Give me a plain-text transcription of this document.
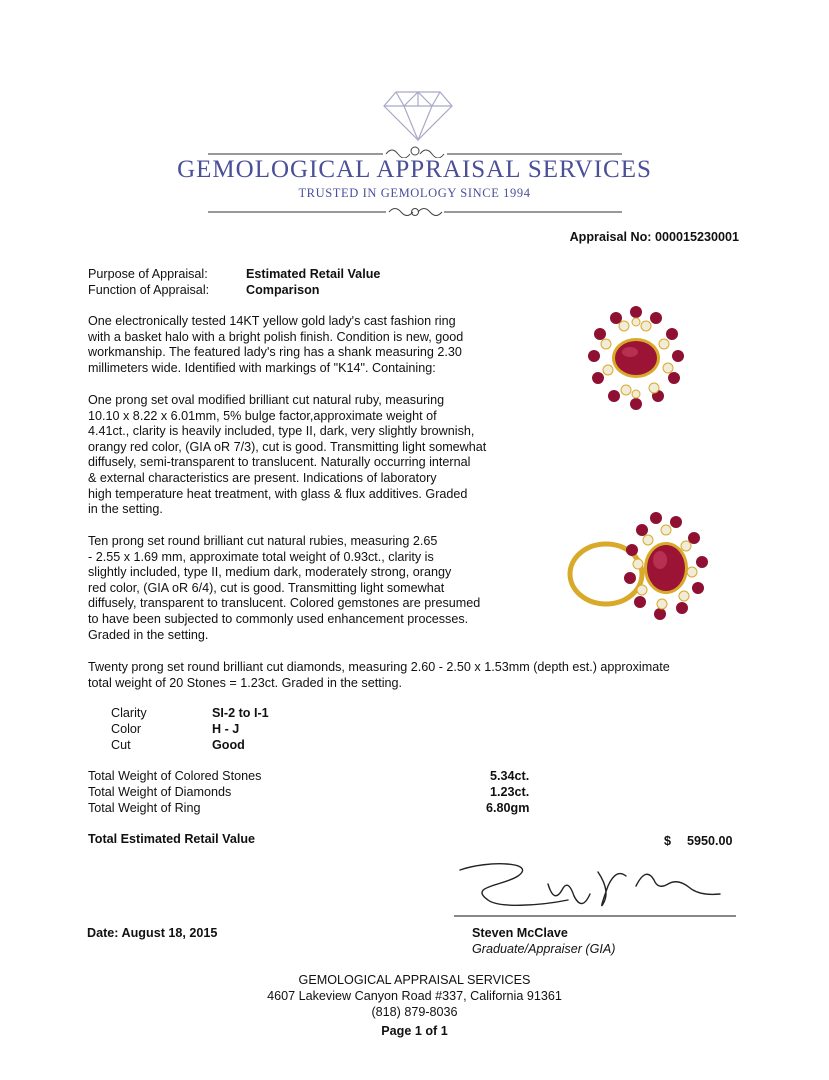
GEMOLOGICAL APPRAISAL SERVICES
TRUSTED IN GEMOLOGY SINCE 1994
Appraisal No: 000015230001
Purpose of Appraisal:	Estimated Retail Value
Function of Appraisal:	Comparison
One electronically tested 14KT yellow gold lady's cast fashion ring
with a basket halo with a bright polish finish. Condition is new, good
workmanship. The featured lady's ring has a shank measuring 2.30
millimeters wide. Identified with markings of "K14". Containing:
One prong set oval modified brilliant cut natural ruby, measuring
10.10 x 8.22 x 6.01mm, 5% bulge factor,approximate weight of
4.41ct., clarity is heavily included, type II, dark, very slightly brownish,
orangy red color, (GIA oR 7/3), cut is good. Transmitting light somewhat
diffusely, semi-transparent to translucent. Naturally occurring internal
& external characteristics are present. Indications of laboratory
high temperature heat treatment, with glass & flux additives. Graded
in the setting.
Ten prong set round brilliant cut natural rubies, measuring 2.65
- 2.55 x 1.69 mm, approximate total weight of 0.93ct., clarity is
slightly included, type II, medium dark, moderately strong, orangy
red color, (GIA oR 6/4), cut is good. Transmitting light somewhat
diffusely, transparent to translucent. Colored gemstones are presumed
to have been subjected to commonly used enhancement processes.
Graded in the setting.
Twenty prong set round brilliant cut diamonds, measuring 2.60 - 2.50 x 1.53mm (depth est.) approximate
total weight of 20 Stones = 1.23ct. Graded in the setting.
Clarity	SI-2 to I-1
Color	H - J
Cut	Good
Total Weight of Colored Stones	5.34ct.
Total Weight of Diamonds	1.23ct.
Total Weight of Ring	6.80gm
Total Estimated Retail Value	$ 5950.00
Date: August 18, 2015	Steven McClave
Graduate/Appraiser (GIA)
GEMOLOGICAL APPRAISAL SERVICES
4607 Lakeview Canyon Road #337, California 91361
(818) 879-8036
Page 1 of 1
